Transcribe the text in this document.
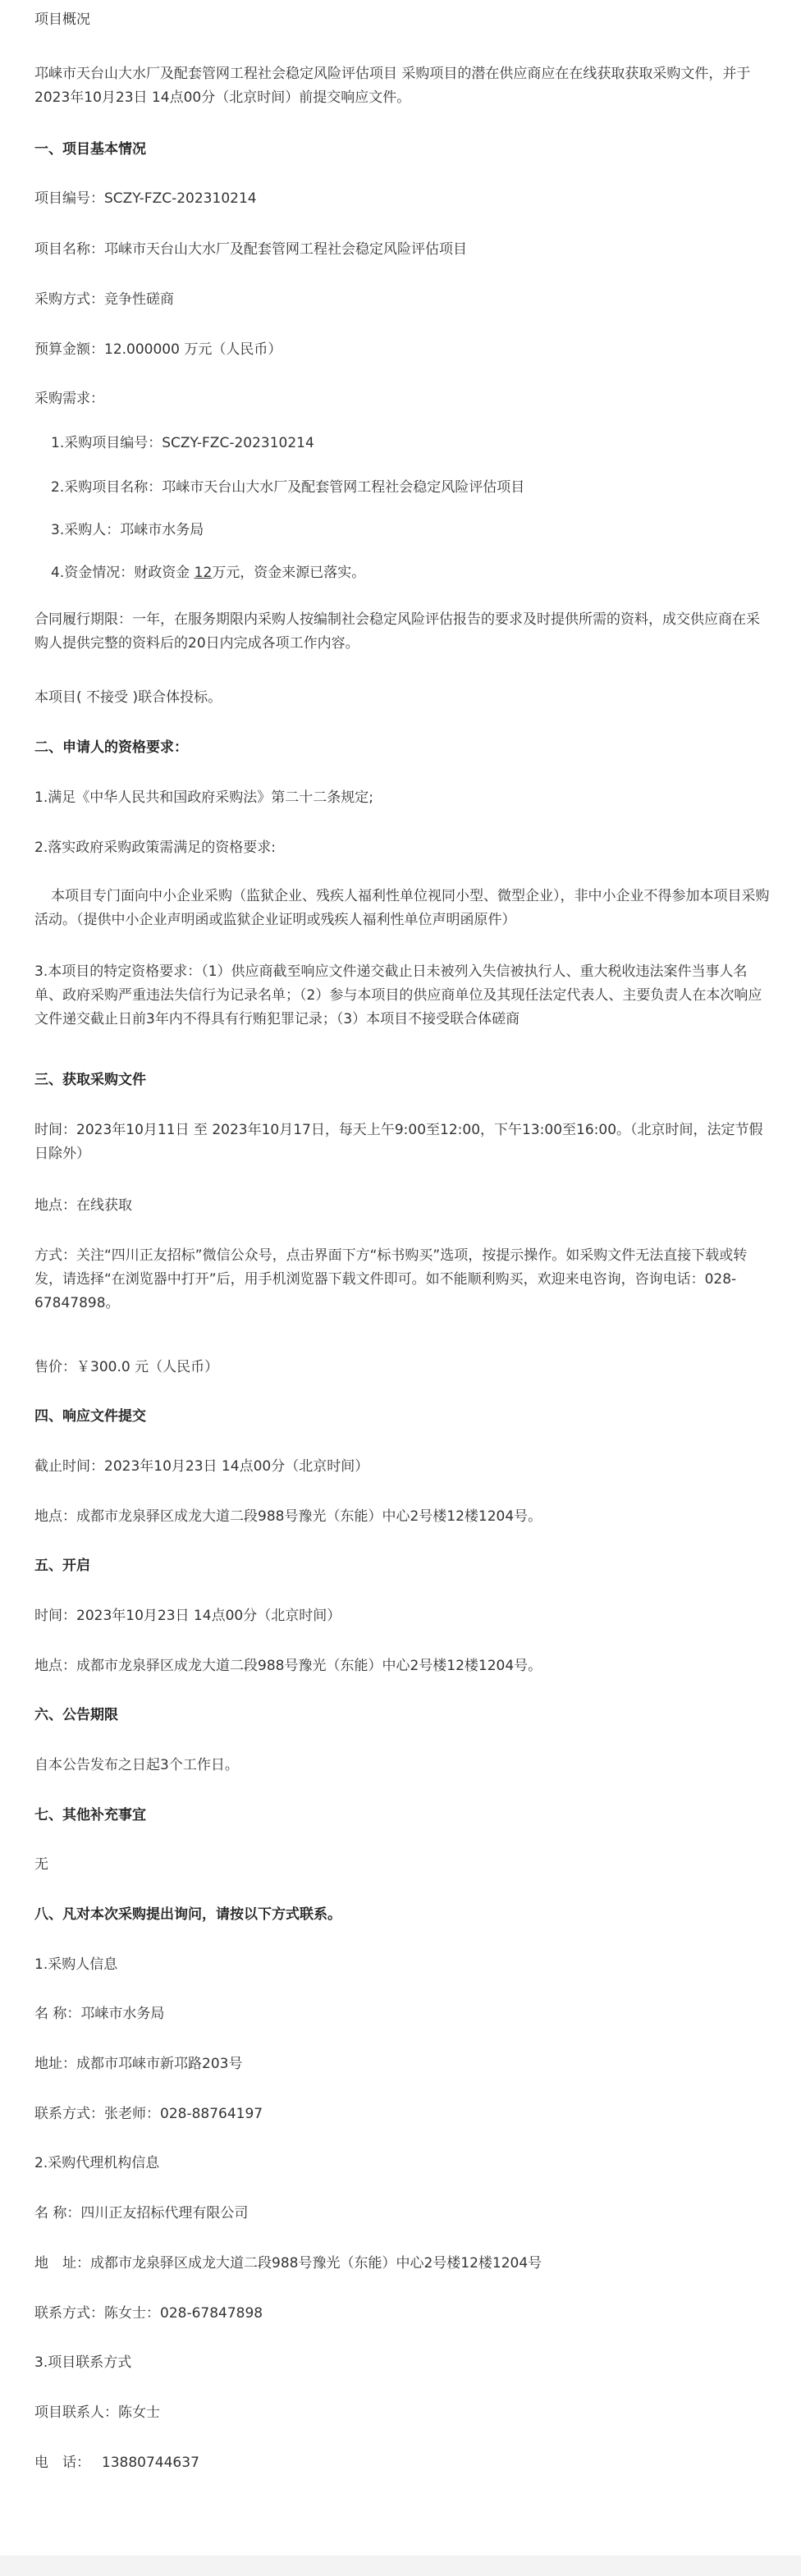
项目概况

邛崃市天台山大水厂及配套管网工程社会稳定风险评估项目 采购项目的潜在供应商应在在线获取获取采购文件，并于2023年10月23日 14点00分（北京时间）前提交响应文件。

一、项目基本情况

项目编号：SCZY-FZC-202310214

项目名称：邛崃市天台山大水厂及配套管网工程社会稳定风险评估项目

采购方式：竞争性磋商

预算金额：12.000000 万元（人民币）

采购需求：

1.采购项目编号：SCZY-FZC-202310214

2.采购项目名称：邛崃市天台山大水厂及配套管网工程社会稳定风险评估项目

3.采购人：邛崃市水务局

4.资金情况：财政资金 12万元，资金来源已落实。

合同履行期限：一年，在服务期限内采购人按编制社会稳定风险评估报告的要求及时提供所需的资料，成交供应商在采购人提供完整的资料后的20日内完成各项工作内容。

本项目( 不接受 )联合体投标。

二、申请人的资格要求：

1.满足《中华人民共和国政府采购法》第二十二条规定;

2.落实政府采购政策需满足的资格要求:

本项目专门面向中小企业采购（监狱企业、残疾人福利性单位视同小型、微型企业），非中小企业不得参加本项目采购活动。（提供中小企业声明函或监狱企业证明或残疾人福利性单位声明函原件）

3.本项目的特定资格要求：（1）供应商截至响应文件递交截止日未被列入失信被执行人、重大税收违法案件当事人名单、政府采购严重违法失信行为记录名单；（2）参与本项目的供应商单位及其现任法定代表人、主要负责人在本次响应文件递交截止日前3年内不得具有行贿犯罪记录；（3）本项目不接受联合体磋商

三、获取采购文件

时间：2023年10月11日 至 2023年10月17日，每天上午9:00至12:00，下午13:00至16:00。（北京时间，法定节假日除外）

地点：在线获取

方式：关注“四川正友招标”微信公众号，点击界面下方“标书购买”选项，按提示操作。如采购文件无法直接下载或转发，请选择“在浏览器中打开”后，用手机浏览器下载文件即可。如不能顺利购买，欢迎来电咨询，咨询电话：028-67847898。

售价：￥300.0 元（人民币）

四、响应文件提交

截止时间：2023年10月23日 14点00分（北京时间）

地点：成都市龙泉驿区成龙大道二段988号豫光（东能）中心2号楼12楼1204号。

五、开启

时间：2023年10月23日 14点00分（北京时间）

地点：成都市龙泉驿区成龙大道二段988号豫光（东能）中心2号楼12楼1204号。

六、公告期限

自本公告发布之日起3个工作日。

七、其他补充事宜

无

八、凡对本次采购提出询问，请按以下方式联系。

1.采购人信息

名 称：邛崃市水务局

地址：成都市邛崃市新邛路203号

联系方式：张老师：028-88764197

2.采购代理机构信息

名 称：四川正友招标代理有限公司

地　址：成都市龙泉驿区成龙大道二段988号豫光（东能）中心2号楼12楼1204号

联系方式：陈女士：028-67847898

3.项目联系方式

项目联系人：陈女士

电　话：　 13880744637
